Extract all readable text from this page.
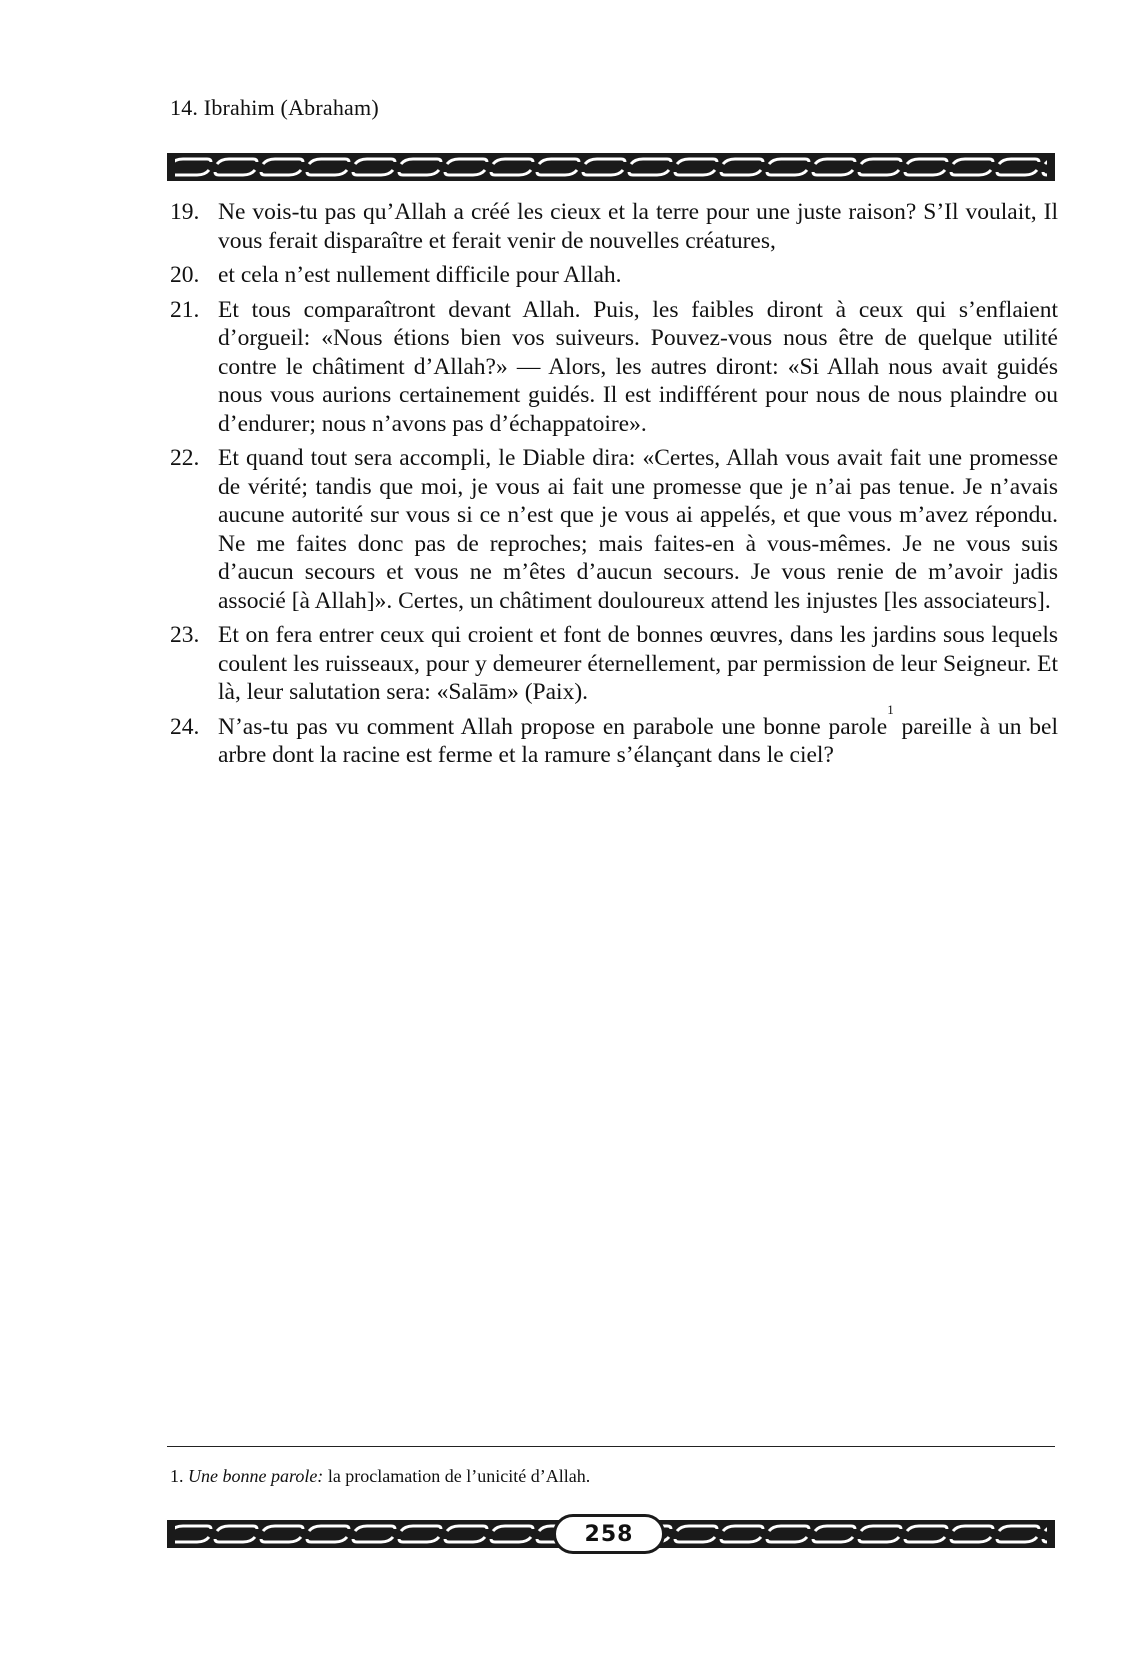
14. Ibrahim (Abraham)
19. Ne vois-tu pas qu’Allah a créé les cieux et la terre pour une juste raison? S’Il voulait, Il vous ferait disparaître et ferait venir de nouvelles créatures,
20. et cela n’est nullement difficile pour Allah.
21. Et tous comparaîtront devant Allah. Puis, les faibles diront à ceux qui s’enflaient d’orgueil: «Nous étions bien vos suiveurs. Pouvez-vous nous être de quelque utilité contre le châtiment d’Allah?» — Alors, les autres diront: «Si Allah nous avait guidés nous vous aurions certainement guidés. Il est indifférent pour nous de nous plaindre ou d’endurer; nous n’avons pas d’échappatoire».
22. Et quand tout sera accompli, le Diable dira: «Certes, Allah vous avait fait une promesse de vérité; tandis que moi, je vous ai fait une promesse que je n’ai pas tenue. Je n’avais aucune autorité sur vous si ce n’est que je vous ai appelés, et que vous m’avez répondu. Ne me faites donc pas de reproches; mais faites-en à vous-mêmes. Je ne vous suis d’aucun secours et vous ne m’êtes d’aucun secours. Je vous renie de m’avoir jadis associé [à Allah]». Certes, un châtiment douloureux attend les injustes [les associateurs].
23. Et on fera entrer ceux qui croient et font de bonnes œuvres, dans les jardins sous lequels coulent les ruisseaux, pour y demeurer éternellement, par permission de leur Seigneur. Et là, leur salutation sera: «Salām» (Paix).
24. N’as-tu pas vu comment Allah propose en parabole une bonne parole$^1$ pareille à un bel arbre dont la racine est ferme et la ramure s’élançant dans le ciel?
1. Une bonne parole: la proclamation de l’unicité d’Allah.
258
